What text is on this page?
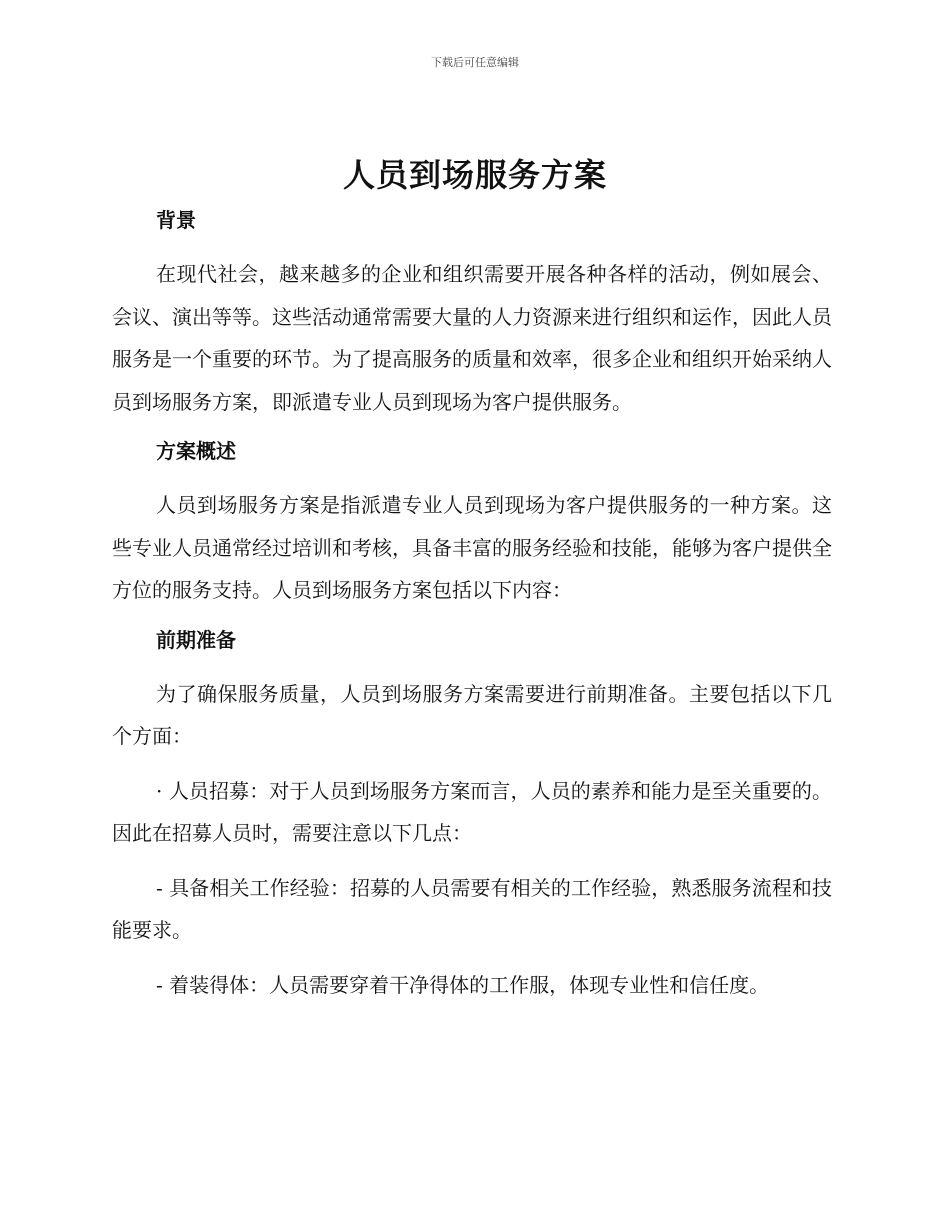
下载后可任意编辑
人员到场服务方案
背景

在现代社会，越来越多的企业和组织需要开展各种各样的活动，例如展会、会议、演出等等。这些活动通常需要大量的人力资源来进行组织和运作，因此人员服务是一个重要的环节。为了提高服务的质量和效率，很多企业和组织开始采纳人员到场服务方案，即派遣专业人员到现场为客户提供服务。

方案概述

人员到场服务方案是指派遣专业人员到现场为客户提供服务的一种方案。这些专业人员通常经过培训和考核，具备丰富的服务经验和技能，能够为客户提供全方位的服务支持。人员到场服务方案包括以下内容：

前期准备

为了确保服务质量，人员到场服务方案需要进行前期准备。主要包括以下几个方面：

· 人员招募：对于人员到场服务方案而言，人员的素养和能力是至关重要的。因此在招募人员时，需要注意以下几点：

- 具备相关工作经验：招募的人员需要有相关的工作经验，熟悉服务流程和技能要求。

- 着装得体：人员需要穿着干净得体的工作服，体现专业性和信任度。
